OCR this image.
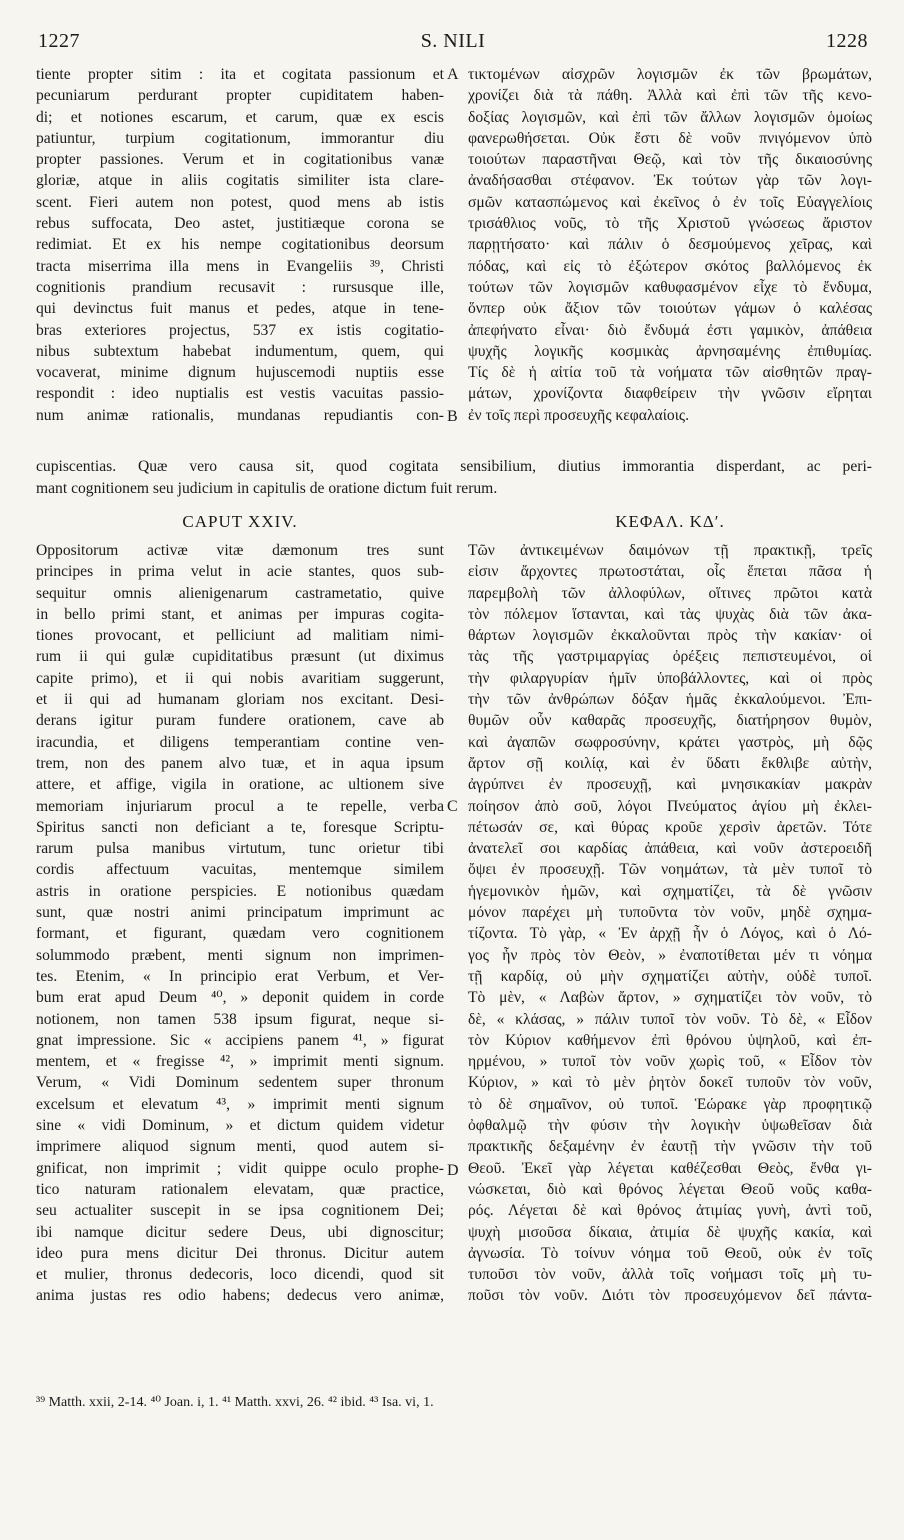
1227	S. NILI	1228
tiente propter sitim : ita et cogitata passionum et
pecuniarum perdurant propter cupiditatem haben-
di; et notiones escarum, et carum, quæ ex escis
patiuntur, turpium cogitationum, immorantur diu
propter passiones. Verum et in cogitationibus vanæ
gloriæ, atque in aliis cogitatis similiter ista clare-
scent. Fieri autem non potest, quod mens ab istis
rebus suffocata, Deo astet, justitiæque corona se
redimiat. Et ex his nempe cogitationibus deorsum
tracta miserrima illa mens in Evangeliis ³⁹, Christi
cognitionis prandium recusavit : rursusque ille,
qui devinctus fuit manus et pedes, atque in tene-
bras exteriores projectus, 537 ex istis cogitatio-
nibus subtextum habebat indumentum, quem, qui
vocaverat, minime dignum hujuscemodi nuptiis esse
respondit : ideo nuptialis est vestis vacuitas passio-
num animæ rationalis, mundanas repudiantis con-
τικτομένων αἰσχρῶν λογισμῶν ἐκ τῶν βρωμάτων,
χρονίζει διὰ τὰ πάθη. Ἀλλὰ καὶ ἐπὶ τῶν τῆς κενο-
δοξίας λογισμῶν, καὶ ἐπὶ τῶν ἄλλων λογισμῶν ὁμοίως
φανερωθήσεται. Οὐκ ἔστι δὲ νοῦν πνιγόμενον ὑπὸ
τοιούτων παραστῆναι Θεῷ, καὶ τὸν τῆς δικαιοσύνης
ἀναδήσασθαι στέφανον. Ἐκ τούτων γὰρ τῶν λογι-
σμῶν κατασπώμενος καὶ ἐκεῖνος ὁ ἐν τοῖς Εὐαγγελίοις
τρισάθλιος νοῦς, τὸ τῆς Χριστοῦ γνώσεως ἄριστον
παρῃτήσατο· καὶ πάλιν ὁ δεσμούμενος χεῖρας, καὶ
πόδας, καὶ εἰς τὸ ἐξώτερον σκότος βαλλόμενος ἐκ
τούτων τῶν λογισμῶν καθυφασμένον εἶχε τὸ ἔνδυμα,
ὅνπερ οὐκ ἄξιον τῶν τοιούτων γάμων ὁ καλέσας
ἀπεφήνατο εἶναι· διὸ ἔνδυμά ἐστι γαμικὸν, ἀπάθεια
ψυχῆς λογικῆς κοσμικὰς ἀρνησαμένης ἐπιθυμίας.
Τίς δὲ ἡ αἰτία τοῦ τὰ νοήματα τῶν αἰσθητῶν πραγ-
μάτων, χρονίζοντα διαφθείρειν τὴν γνῶσιν εἴρηται
ἐν τοῖς περὶ προσευχῆς κεφαλαίοις.
A
B
C
D
cupiscentias. Quæ vero causa sit, quod cogitata sensibilium, diutius immorantia disperdant, ac peri-
mant cognitionem seu judicium in capitulis de oratione dictum fuit rerum.
CAPUT XXIV.	ΚΕΦΑΛ. ΚΔʹ.
Oppositorum activæ vitæ dæmonum tres sunt
principes in prima velut in acie stantes, quos sub-
sequitur omnis alienigenarum castrametatio, quive
in bello primi stant, et animas per impuras cogita-
tiones provocant, et pelliciunt ad malitiam nimi-
rum ii qui gulæ cupiditatibus præsunt (ut diximus
capite primo), et ii qui nobis avaritiam suggerunt,
et ii qui ad humanam gloriam nos excitant. Desi-
derans igitur puram fundere orationem, cave ab
iracundia, et diligens temperantiam contine ven-
trem, non des panem alvo tuæ, et in aqua ipsum
attere, et affige, vigila in oratione, ac ultionem sive
memoriam injuriarum procul a te repelle, verba
Spiritus sancti non deficiant a te, foresque Scriptu-
rarum pulsa manibus virtutum, tunc orietur tibi
cordis affectuum vacuitas, mentemque similem
astris in oratione perspicies. E notionibus quædam
sunt, quæ nostri animi principatum imprimunt ac
formant, et figurant, quædam vero cognitionem
solummodo præbent, menti signum non imprimen-
tes. Etenim, « In principio erat Verbum, et Ver-
bum erat apud Deum ⁴⁰, » deponit quidem in corde
notionem, non tamen 538 ipsum figurat, neque si-
gnat impressione. Sic « accipiens panem ⁴¹, » figurat
mentem, et « fregisse ⁴², » imprimit menti signum.
Verum, « Vidi Dominum sedentem super thronum
excelsum et elevatum ⁴³, » imprimit menti signum
sine « vidi Dominum, » et dictum quidem videtur
imprimere aliquod signum menti, quod autem si-
gnificat, non imprimit ; vidit quippe oculo prophe-
tico naturam rationalem elevatam, quæ practice,
seu actualiter suscepit in se ipsa cognitionem Dei;
ibi namque dicitur sedere Deus, ubi dignoscitur;
ideo pura mens dicitur Dei thronus. Dicitur autem
et mulier, thronus dedecoris, loco dicendi, quod sit
anima justas res odio habens; dedecus vero animæ,
Τῶν ἀντικειμένων δαιμόνων τῇ πρακτικῇ, τρεῖς
εἰσιν ἄρχοντες πρωτοστάται, οἷς ἕπεται πᾶσα ἡ
παρεμβολὴ τῶν ἀλλοφύλων, οἵτινες πρῶτοι κατὰ
τὸν πόλεμον ἵστανται, καὶ τὰς ψυχὰς διὰ τῶν ἀκα-
θάρτων λογισμῶν ἐκκαλοῦνται πρὸς τὴν κακίαν· οἱ
τὰς τῆς γαστριμαργίας ὀρέξεις πεπιστευμένοι, οἱ
τὴν φιλαργυρίαν ἡμῖν ὑποβάλλοντες, καὶ οἱ πρὸς
τὴν τῶν ἀνθρώπων δόξαν ἡμᾶς ἐκκαλούμενοι. Ἐπι-
θυμῶν οὖν καθαρᾶς προσευχῆς, διατήρησον θυμὸν,
καὶ ἀγαπῶν σωφροσύνην, κράτει γαστρὸς, μὴ δῷς
ἄρτον σῇ κοιλίᾳ, καὶ ἐν ὕδατι ἔκθλιβε αὐτὴν,
ἀγρύπνει ἐν προσευχῇ, καὶ μνησικακίαν μακρὰν
ποίησον ἀπὸ σοῦ, λόγοι Πνεύματος ἁγίου μὴ ἐκλει-
πέτωσάν σε, καὶ θύρας κροῦε χερσὶν ἀρετῶν. Τότε
ἀνατελεῖ σοι καρδίας ἀπάθεια, καὶ νοῦν ἀστεροειδῆ
ὄψει ἐν προσευχῇ. Τῶν νοημάτων, τὰ μὲν τυποῖ τὸ
ἡγεμονικὸν ἡμῶν, καὶ σχηματίζει, τὰ δὲ γνῶσιν
μόνον παρέχει μὴ τυποῦντα τὸν νοῦν, μηδὲ σχημα-
τίζοντα. Τὸ γὰρ, « Ἐν ἀρχῇ ἦν ὁ Λόγος, καὶ ὁ Λό-
γος ἦν πρὸς τὸν Θεὸν, » ἐναποτίθεται μέν τι νόημα
τῇ καρδίᾳ, οὐ μὴν σχηματίζει αὐτὴν, οὐδὲ τυποῖ.
Τὸ μὲν, « Λαβὼν ἄρτον, » σχηματίζει τὸν νοῦν, τὸ
δὲ, « κλάσας, » πάλιν τυποῖ τὸν νοῦν. Τὸ δὲ, « Εἶδον
τὸν Κύριον καθήμενον ἐπὶ θρόνου ὑψηλοῦ, καὶ ἐπ-
ηρμένου, » τυποῖ τὸν νοῦν χωρὶς τοῦ, « Εἶδον τὸν
Κύριον, » καὶ τὸ μὲν ῥητὸν δοκεῖ τυποῦν τὸν νοῦν,
τὸ δὲ σημαῖνον, οὐ τυποῖ. Ἑώρακε γὰρ προφητικῷ
ὀφθαλμῷ τὴν φύσιν τὴν λογικὴν ὑψωθεῖσαν διὰ
πρακτικῆς δεξαμένην ἐν ἑαυτῇ τὴν γνῶσιν τὴν τοῦ
Θεοῦ. Ἐκεῖ γὰρ λέγεται καθέζεσθαι Θεὸς, ἔνθα γι-
νώσκεται, διὸ καὶ θρόνος λέγεται Θεοῦ νοῦς καθα-
ρός. Λέγεται δὲ καὶ θρόνος ἀτιμίας γυνὴ, ἀντὶ τοῦ,
ψυχὴ μισοῦσα δίκαια, ἀτιμία δὲ ψυχῆς κακία, καὶ
ἀγνωσία. Τὸ τοίνυν νόημα τοῦ Θεοῦ, οὐκ ἐν τοῖς
τυποῦσι τὸν νοῦν, ἀλλὰ τοῖς νοήμασι τοῖς μὴ τυ-
ποῦσι τὸν νοῦν. Διότι τὸν προσευχόμενον δεῖ πάντα-
³⁹ Matth. xxii, 2-14. ⁴⁰ Joan. i, 1. ⁴¹ Matth. xxvi, 26. ⁴² ibid. ⁴³ Isa. vi, 1.
